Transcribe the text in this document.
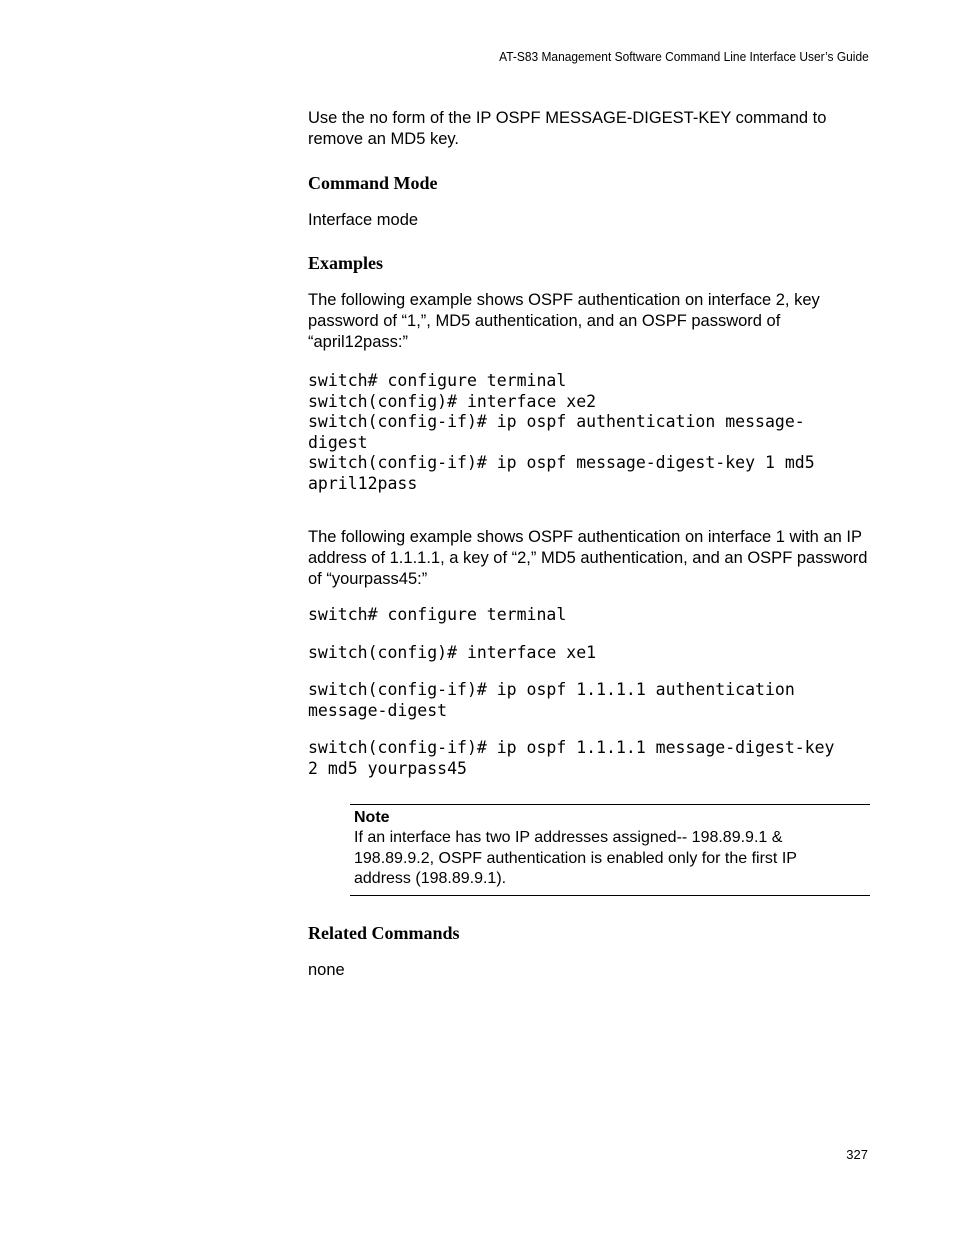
AT-S83 Management Software Command Line Interface User’s Guide

Use the no form of the IP OSPF MESSAGE-DIGEST-KEY command to remove an MD5 key.

Command Mode

Interface mode

Examples

The following example shows OSPF authentication on interface 2, key password of “1,”, MD5 authentication, and an OSPF password of “april12pass:”

switch# configure terminal
switch(config)# interface xe2
switch(config-if)# ip ospf authentication message-
digest
switch(config-if)# ip ospf message-digest-key 1 md5
april12pass

The following example shows OSPF authentication on interface 1 with an IP address of 1.1.1.1, a key of “2,” MD5 authentication, and an OSPF password of “yourpass45:”

switch# configure terminal
switch(config)# interface xe1
switch(config-if)# ip ospf 1.1.1.1 authentication
message-digest
switch(config-if)# ip ospf 1.1.1.1 message-digest-key
2 md5 yourpass45
Note
If an interface has two IP addresses assigned-- 198.89.9.1 & 198.89.9.2, OSPF authentication is enabled only for the first IP address (198.89.9.1).
Related Commands

none

327
